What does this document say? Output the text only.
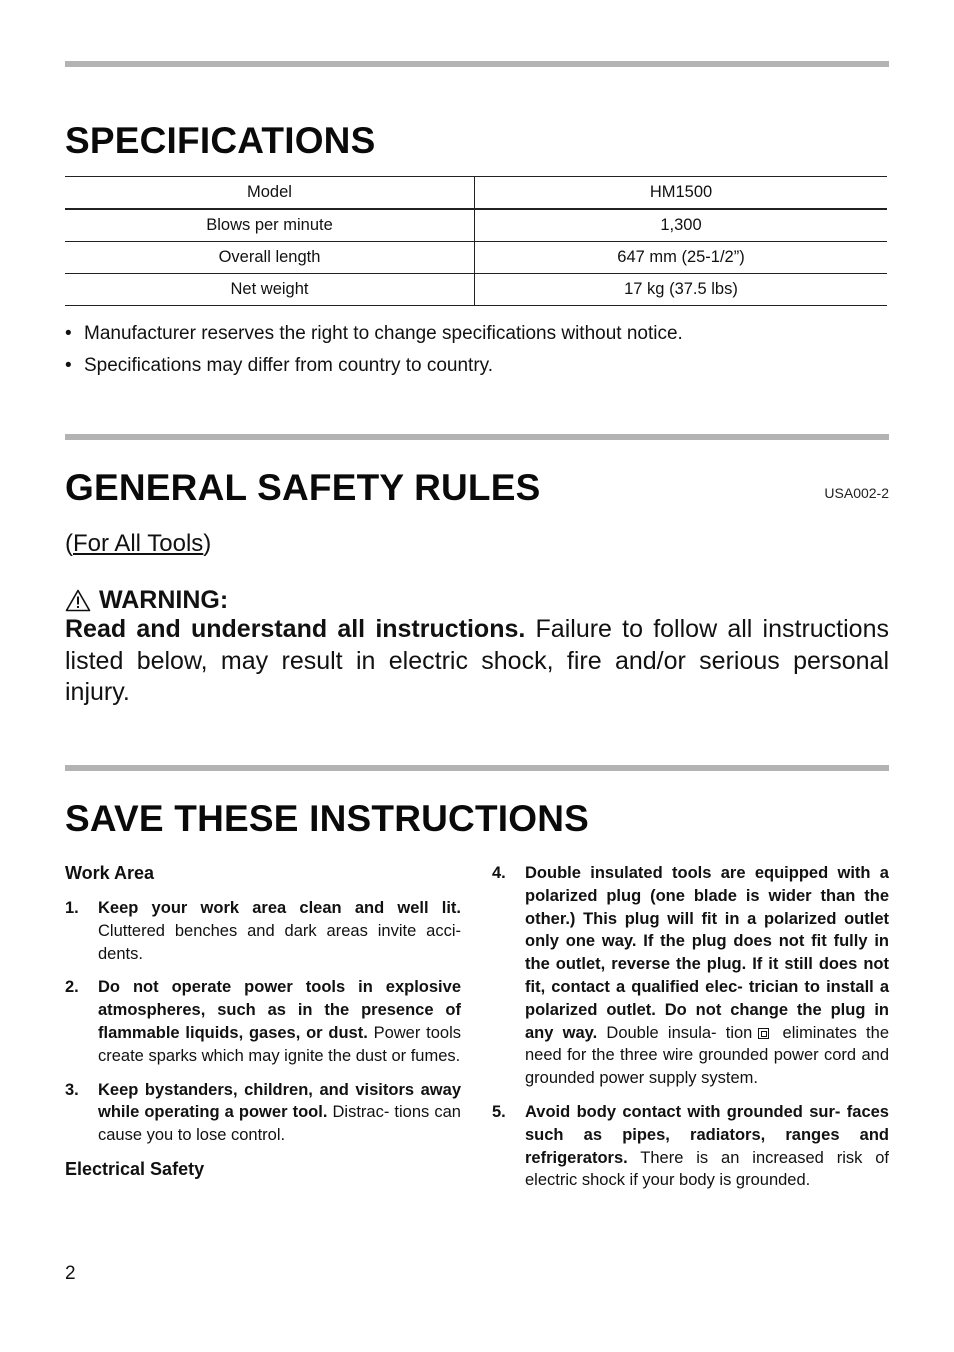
SPECIFICATIONS
Model	HM1500
Blows per minute	1,300
Overall length	647 mm (25-1/2”)
Net weight	17 kg (37.5 lbs)
• Manufacturer reserves the right to change specifications without notice.
• Specifications may differ from country to country.
GENERAL SAFETY RULES	USA002-2
(For All Tools)
WARNING:

Read and understand all instructions. Failure to follow all instructions listed below, may result in electric shock, fire and/or serious personal injury.

SAVE THESE INSTRUCTIONS
Work Area
1. Keep your work area clean and well lit. Cluttered benches and dark areas invite acci- dents.
2. Do not operate power tools in explosive atmospheres, such as in the presence of flammable liquids, gases, or dust. Power tools create sparks which may ignite the dust or fumes.
3. Keep bystanders, children, and visitors away while operating a power tool. Distrac- tions can cause you to lose control.
Electrical Safety
4. Double insulated tools are equipped with a polarized plug (one blade is wider than the other.) This plug will fit in a polarized outlet only one way. If the plug does not fit fully in the outlet, reverse the plug. If it still does not fit, contact a qualified elec- trician to install a polarized outlet. Do not change the plug in any way. Double insula- tion eliminates the need for the three wire grounded power cord and grounded power supply system.
5. Avoid body contact with grounded sur- faces such as pipes, radiators, ranges and refrigerators. There is an increased risk of electric shock if your body is grounded.
2
